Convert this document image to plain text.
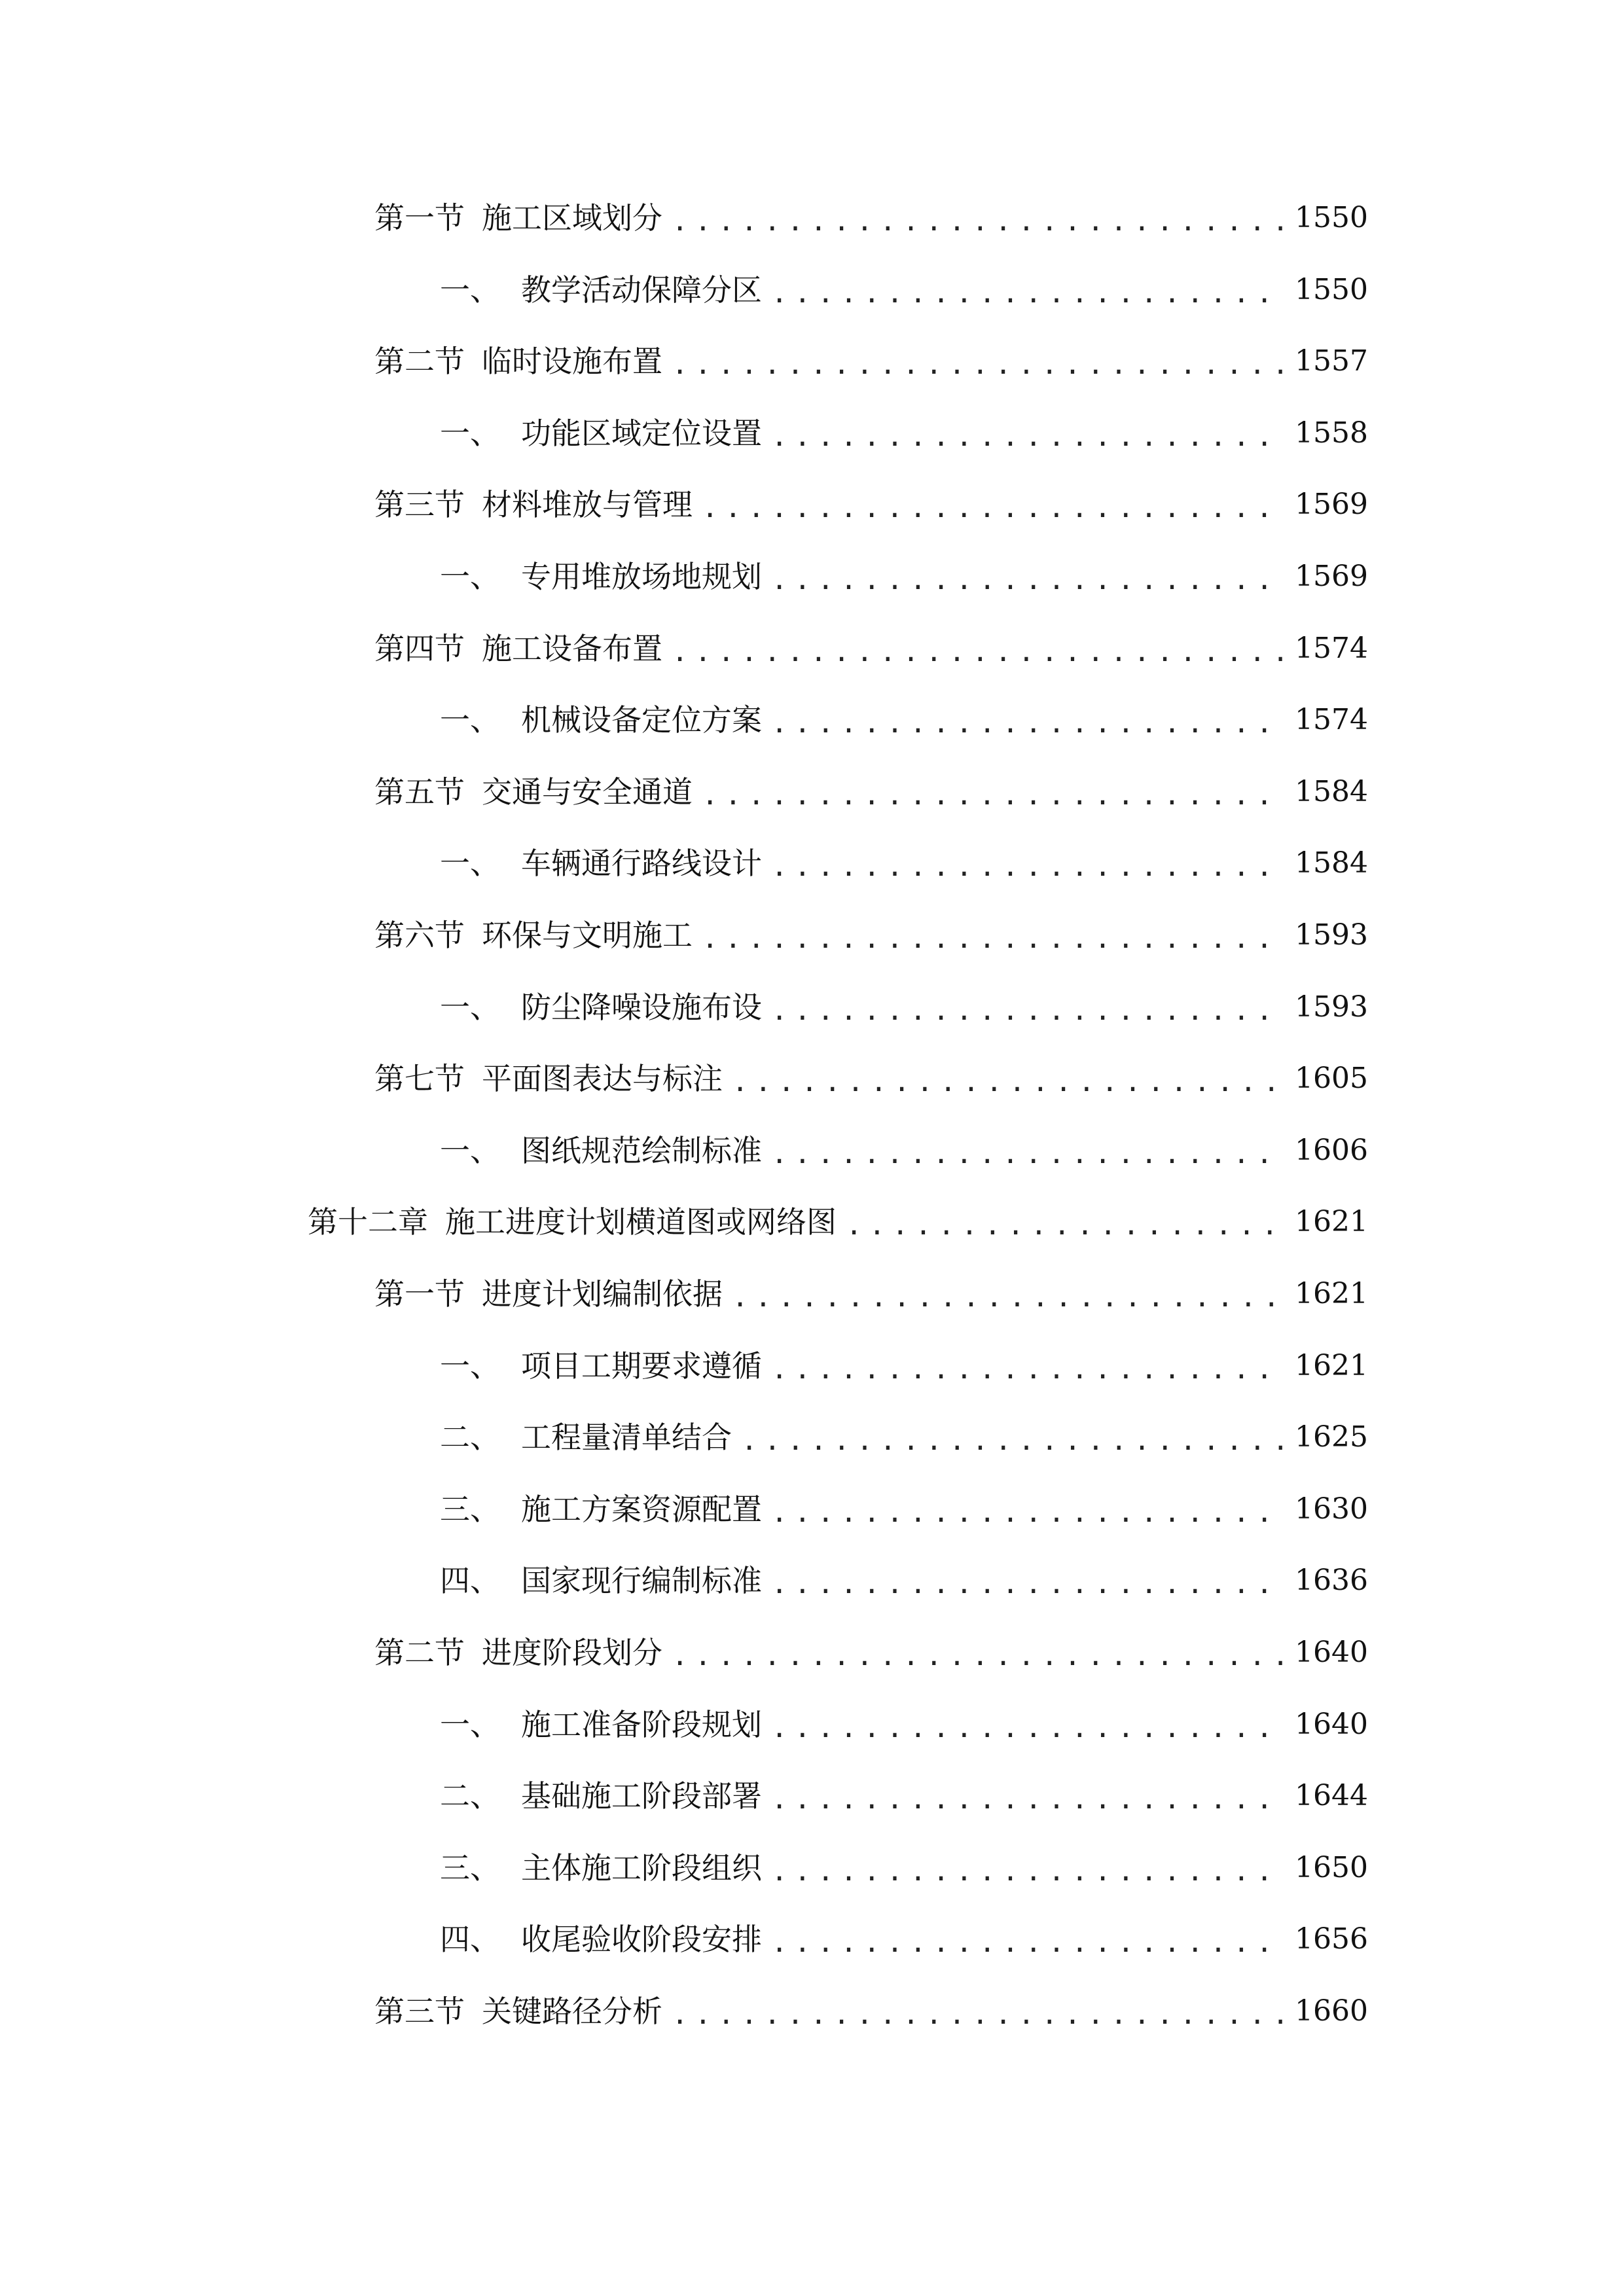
第一节 施工区域划分 .....	1550
一、 教学活动保障分区 .....	1550
第二节 临时设施布置 .....	1557
一、 功能区域定位设置 .....	1558
第三节 材料堆放与管理 .....	1569
一、 专用堆放场地规划 .....	1569
第四节 施工设备布置 .....	1574
一、 机械设备定位方案 .....	1574
第五节 交通与安全通道 .....	1584
一、 车辆通行路线设计 .....	1584
第六节 环保与文明施工 .....	1593
一、 防尘降噪设施布设 .....	1593
第七节 平面图表达与标注 .....	1605
一、 图纸规范绘制标准 .....	1606
第十二章 施工进度计划横道图或网络图 .....	1621
第一节 进度计划编制依据 .....	1621
一、 项目工期要求遵循 .....	1621
二、 工程量清单结合 .....	1625
三、 施工方案资源配置 .....	1630
四、 国家现行编制标准 .....	1636
第二节 进度阶段划分 .....	1640
一、 施工准备阶段规划 .....	1640
二、 基础施工阶段部署 .....	1644
三、 主体施工阶段组织 .....	1650
四、 收尾验收阶段安排 .....	1656
第三节 关键路径分析 .....	1660
